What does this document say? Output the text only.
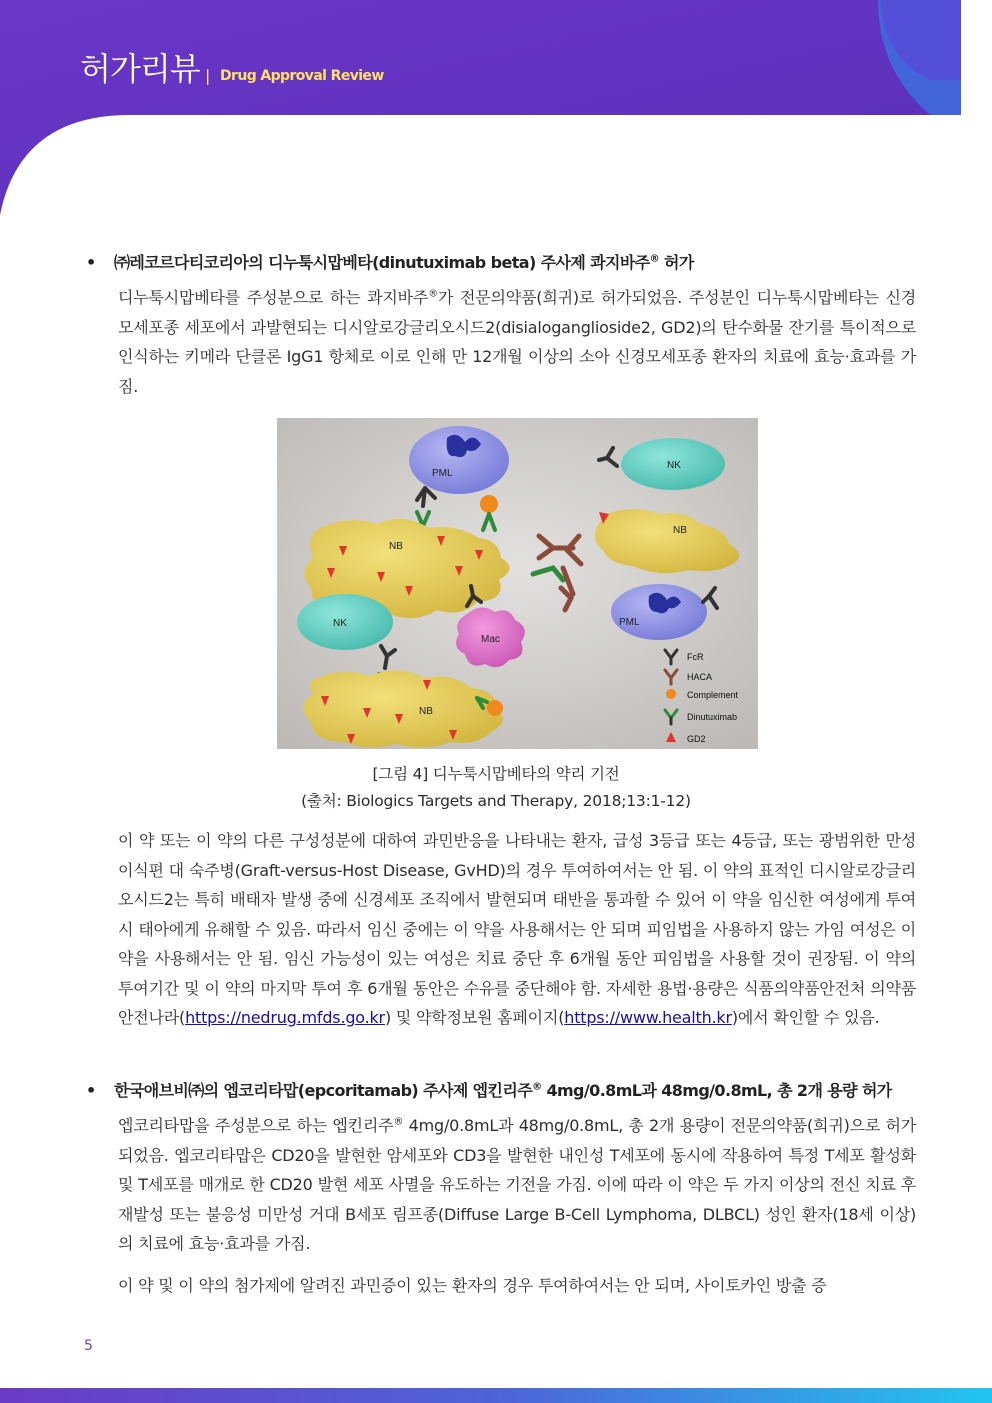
허가리뷰 | Drug Approval Review
• ㈜레코르다티코리아의 디누툭시맙베타(dinutuximab beta) 주사제 콰지바주® 허가
디누툭시맙베타를 주성분으로 하는 콰지바주®가 전문의약품(희귀)로 허가되었음. 주성분인 디누툭시맙베타는 신경모세포종 세포에서 과발현되는 디시알로강글리오시드2(disialoganglioside2, GD2)의 탄수화물 잔기를 특이적으로 인식하는 키메라 단클론 IgG1 항체로 이로 인해 만 12개월 이상의 소아 신경모세포종 환자의 치료에 효능·효과를 가짐.
PML
NB
NK
NB
PML
NK
Mac
NB
FcR
HACA
Complement
Dinutuximab
GD2
[그림 4] 디누툭시맙베타의 약리 기전
(출처: Biologics Targets and Therapy, 2018;13:1-12)
이 약 또는 이 약의 다른 구성성분에 대하여 과민반응을 나타내는 환자, 급성 3등급 또는 4등급, 또는 광범위한 만성 이식편 대 숙주병(Graft-versus-Host Disease, GvHD)의 경우 투여하여서는 안 됨. 이 약의 표적인 디시알로강글리오시드2는 특히 배태자 발생 중에 신경세포 조직에서 발현되며 태반을 통과할 수 있어 이 약을 임신한 여성에게 투여 시 태아에게 유해할 수 있음. 따라서 임신 중에는 이 약을 사용해서는 안 되며 피임법을 사용하지 않는 가임 여성은 이 약을 사용해서는 안 됨. 임신 가능성이 있는 여성은 치료 중단 후 6개월 동안 피임법을 사용할 것이 권장됨. 이 약의 투여기간 및 이 약의 마지막 투여 후 6개월 동안은 수유를 중단해야 함. 자세한 용법·용량은 식품의약품안전처 의약품안전나라(https://nedrug.mfds.go.kr) 및 약학정보원 홈페이지(https://www.health.kr)에서 확인할 수 있음.
• 한국애브비㈜의 엡코리타맙(epcoritamab) 주사제 엡킨리주® 4mg/0.8mL과 48mg/0.8mL, 총 2개 용량 허가
엡코리타맙을 주성분으로 하는 엡킨리주® 4mg/0.8mL과 48mg/0.8mL, 총 2개 용량이 전문의약품(희귀)으로 허가되었음. 엡코리타맙은 CD20을 발현한 암세포와 CD3을 발현한 내인성 T세포에 동시에 작용하여 특정 T세포 활성화 및 T세포를 매개로 한 CD20 발현 세포 사멸을 유도하는 기전을 가짐. 이에 따라 이 약은 두 가지 이상의 전신 치료 후 재발성 또는 불응성 미만성 거대 B세포 림프종(Diffuse Large B-Cell Lymphoma, DLBCL) 성인 환자(18세 이상)의 치료에 효능·효과를 가짐.
이 약 및 이 약의 첨가제에 알려진 과민증이 있는 환자의 경우 투여하여서는 안 되며, 사이토카인 방출 증
5
